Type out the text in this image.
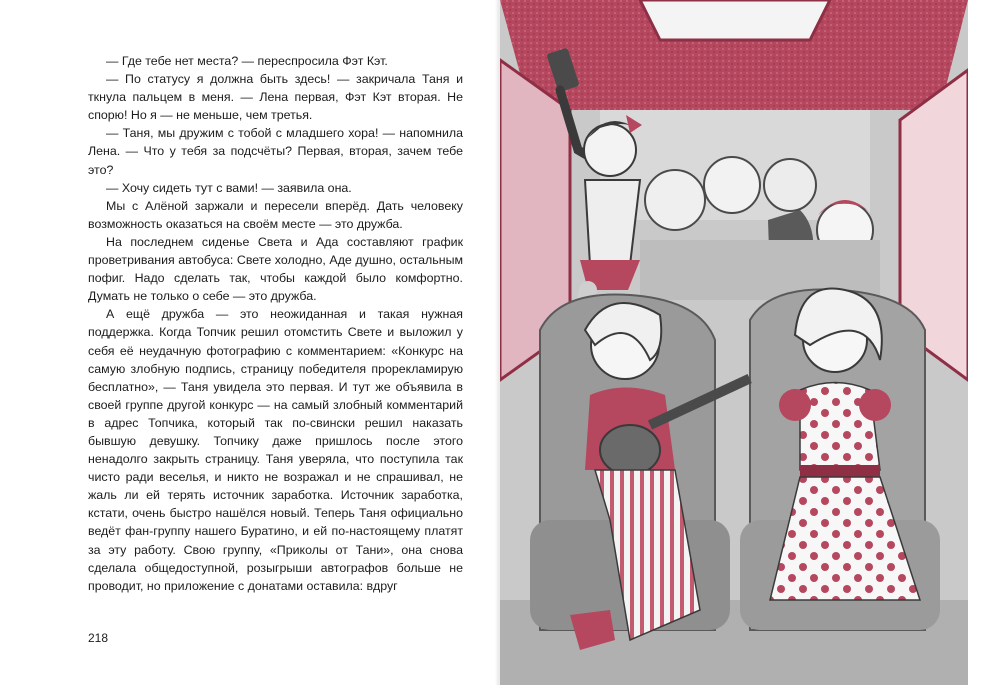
— Где тебе нет места? — переспросила Фэт Кэт.

— По статусу я должна быть здесь! — закричала Таня и ткнула пальцем в меня. — Лена первая, Фэт Кэт вторая. Не спорю! Но я — не меньше, чем третья.

— Таня, мы дружим с тобой с младшего хора! — напомнила Лена. — Что у тебя за подсчёты? Первая, вторая, зачем тебе это?

— Хочу сидеть тут с вами! — заявила она.

Мы с Алёной заржали и пересели вперёд. Дать человеку возможность оказаться на своём месте — это дружба.

На последнем сиденье Света и Ада составляют график проветривания автобуса: Свете холодно, Аде душно, остальным пофиг. Надо сделать так, чтобы каждой было комфортно. Думать не только о себе — это дружба.

А ещё дружба — это неожиданная и такая нужная поддержка. Когда Топчик решил отомстить Свете и выложил у себя её неудачную фотографию с комментарием: «Конкурс на самую злобную подпись, страницу победителя прорекламирую бесплатно», — Таня увидела это первая. И тут же объявила в своей группе другой конкурс — на самый злобный комментарий в адрес Топчика, который так по-свински решил наказать бывшую девушку. Топчику даже пришлось после этого ненадолго закрыть страницу. Таня уверяла, что поступила так чисто ради веселья, и никто не возражал и не спрашивал, не жаль ли ей терять источник заработка. Источник заработка, кстати, очень быстро нашёлся новый. Теперь Таня официально ведёт фан-группу нашего Буратино, и ей по-настоящему платят за эту работу. Свою группу, «Приколы от Тани», она снова сделала общедоступной, розыгрыши автографов больше не проводит, но приложение с донатами оставила: вдруг

218
